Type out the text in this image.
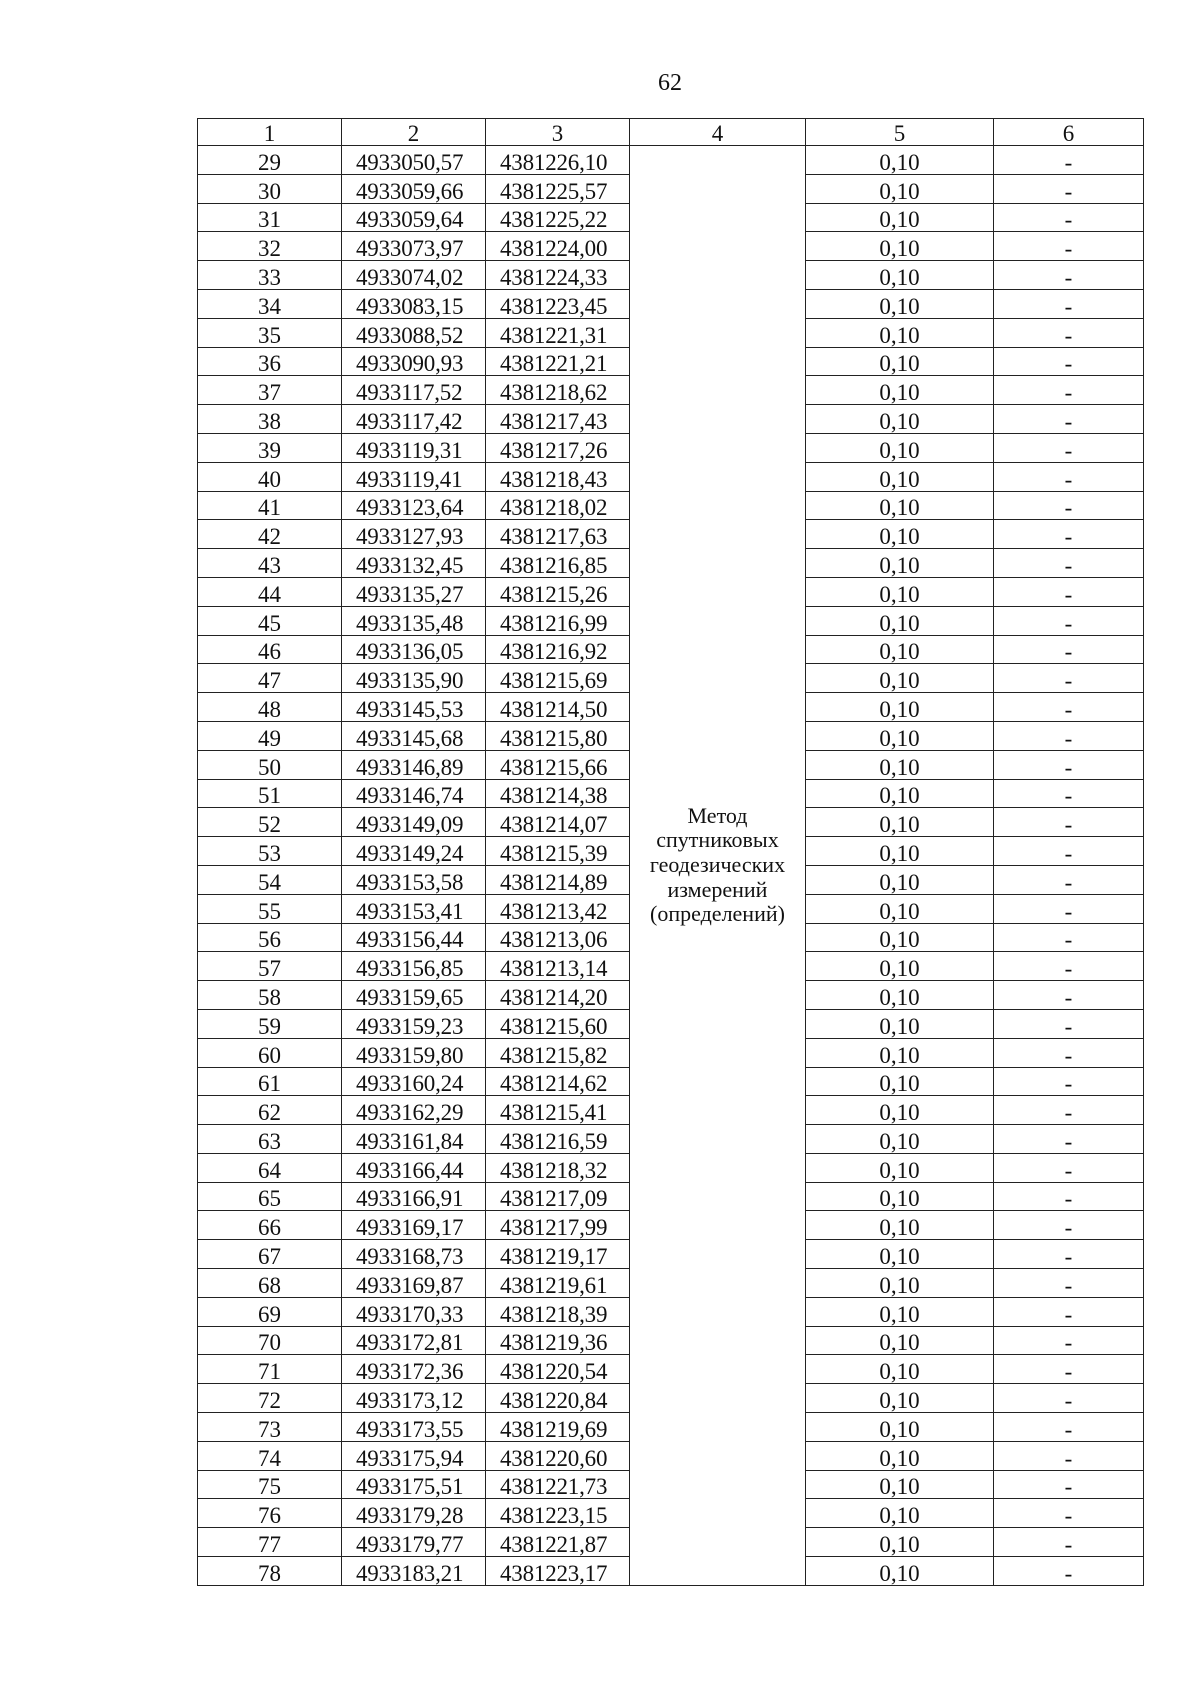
62
1	2	3	4	5	6
29	4933050,57	4381226,10	Метод
спутниковых
геодезических
измерений
(определений)	0,10	-
30	4933059,66	4381225,57		0,10	-
31	4933059,64	4381225,22		0,10	-
32	4933073,97	4381224,00		0,10	-
33	4933074,02	4381224,33		0,10	-
34	4933083,15	4381223,45		0,10	-
35	4933088,52	4381221,31		0,10	-
36	4933090,93	4381221,21		0,10	-
37	4933117,52	4381218,62		0,10	-
38	4933117,42	4381217,43		0,10	-
39	4933119,31	4381217,26		0,10	-
40	4933119,41	4381218,43		0,10	-
41	4933123,64	4381218,02		0,10	-
42	4933127,93	4381217,63		0,10	-
43	4933132,45	4381216,85		0,10	-
44	4933135,27	4381215,26		0,10	-
45	4933135,48	4381216,99		0,10	-
46	4933136,05	4381216,92		0,10	-
47	4933135,90	4381215,69		0,10	-
48	4933145,53	4381214,50		0,10	-
49	4933145,68	4381215,80		0,10	-
50	4933146,89	4381215,66		0,10	-
51	4933146,74	4381214,38		0,10	-
52	4933149,09	4381214,07		0,10	-
53	4933149,24	4381215,39		0,10	-
54	4933153,58	4381214,89		0,10	-
55	4933153,41	4381213,42		0,10	-
56	4933156,44	4381213,06		0,10	-
57	4933156,85	4381213,14		0,10	-
58	4933159,65	4381214,20		0,10	-
59	4933159,23	4381215,60		0,10	-
60	4933159,80	4381215,82		0,10	-
61	4933160,24	4381214,62		0,10	-
62	4933162,29	4381215,41		0,10	-
63	4933161,84	4381216,59		0,10	-
64	4933166,44	4381218,32		0,10	-
65	4933166,91	4381217,09		0,10	-
66	4933169,17	4381217,99		0,10	-
67	4933168,73	4381219,17		0,10	-
68	4933169,87	4381219,61		0,10	-
69	4933170,33	4381218,39		0,10	-
70	4933172,81	4381219,36		0,10	-
71	4933172,36	4381220,54		0,10	-
72	4933173,12	4381220,84		0,10	-
73	4933173,55	4381219,69		0,10	-
74	4933175,94	4381220,60		0,10	-
75	4933175,51	4381221,73		0,10	-
76	4933179,28	4381223,15		0,10	-
77	4933179,77	4381221,87		0,10	-
78	4933183,21	4381223,17		0,10	-
